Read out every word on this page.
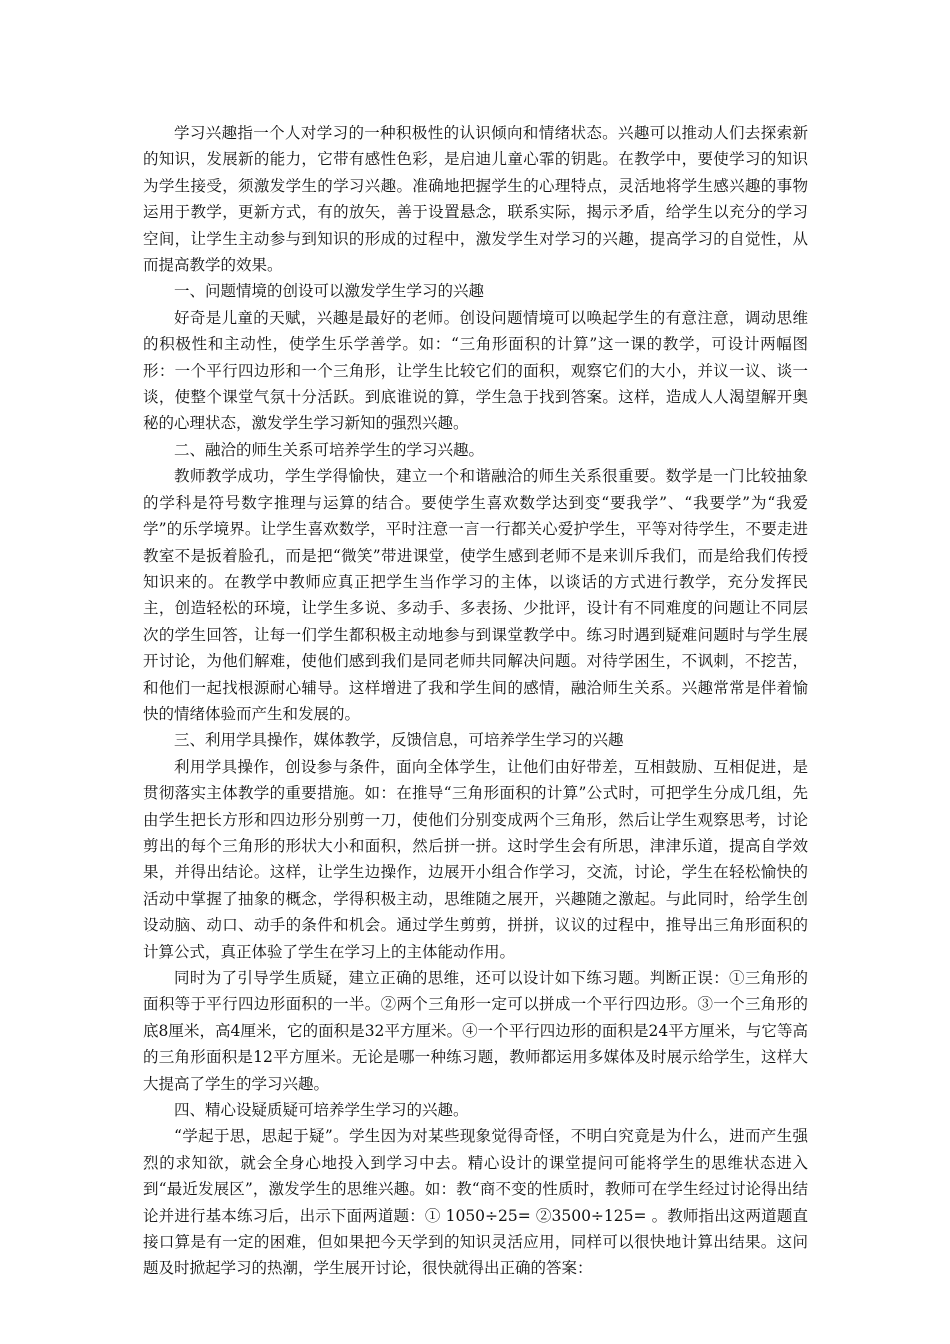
学习兴趣指一个人对学习的一种积极性的认识倾向和情绪状态。兴趣可以推动人们去探索新的知识，发展新的能力，它带有感性色彩，是启迪儿童心霏的钥匙。在教学中，要使学习的知识为学生接受，须激发学生的学习兴趣。准确地把握学生的心理特点，灵活地将学生感兴趣的事物运用于教学，更新方式，有的放矢，善于设置悬念，联系实际，揭示矛盾，给学生以充分的学习空间，让学生主动参与到知识的形成的过程中，激发学生对学习的兴趣，提高学习的自觉性，从而提高教学的效果。

一、问题情境的创设可以激发学生学习的兴趣

好奇是儿童的天赋，兴趣是最好的老师。创设问题情境可以唤起学生的有意注意，调动思维的积极性和主动性，使学生乐学善学。如：“三角形面积的计算”这一课的教学，可设计两幅图形：一个平行四边形和一个三角形，让学生比较它们的面积，观察它们的大小，并议一议、谈一谈，使整个课堂气氛十分活跃。到底谁说的算，学生急于找到答案。这样，造成人人渴望解开奥秘的心理状态，激发学生学习新知的强烈兴趣。

二、融洽的师生关系可培养学生的学习兴趣。

教师教学成功，学生学得愉快，建立一个和谐融洽的师生关系很重要。数学是一门比较抽象的学科是符号数字推理与运算的结合。要使学生喜欢数学达到变“要我学”、“我要学”为“我爱学”的乐学境界。让学生喜欢数学，平时注意一言一行都关心爱护学生，平等对待学生，不要走进教室不是扳着脸孔，而是把“微笑”带进课堂，使学生感到老师不是来训斥我们，而是给我们传授知识来的。在教学中教师应真正把学生当作学习的主体，以谈话的方式进行教学，充分发挥民主，创造轻松的环境，让学生多说、多动手、多表扬、少批评，设计有不同难度的问题让不同层次的学生回答，让每一们学生都积极主动地参与到课堂教学中。练习时遇到疑难问题时与学生展开讨论，为他们解难，使他们感到我们是同老师共同解决问题。对待学困生，不讽刺，不挖苦，和他们一起找根源耐心辅导。这样增进了我和学生间的感情，融洽师生关系。兴趣常常是伴着愉快的情绪体验而产生和发展的。

三、利用学具操作，媒体教学，反馈信息，可培养学生学习的兴趣

利用学具操作，创设参与条件，面向全体学生，让他们由好带差，互相鼓励、互相促进，是贯彻落实主体教学的重要措施。如：在推导“三角形面积的计算”公式时，可把学生分成几组，先由学生把长方形和四边形分别剪一刀，使他们分别变成两个三角形，然后让学生观察思考，讨论剪出的每个三角形的形状大小和面积，然后拼一拼。这时学生会有所思，津津乐道，提高自学效果，并得出结论。这样，让学生边操作，边展开小组合作学习，交流，讨论，学生在轻松愉快的活动中掌握了抽象的概念，学得积极主动，思维随之展开，兴趣随之激起。与此同时，给学生创设动脑、动口、动手的条件和机会。通过学生剪剪，拼拼，议议的过程中，推导出三角形面积的计算公式，真正体验了学生在学习上的主体能动作用。

同时为了引导学生质疑，建立正确的思维，还可以设计如下练习题。判断正误：①三角形的面积等于平行四边形面积的一半。②两个三角形一定可以拼成一个平行四边形。③一个三角形的底8厘米，高4厘米，它的面积是32平方厘米。④一个平行四边形的面积是24平方厘米，与它等高的三角形面积是12平方厘米。无论是哪一种练习题，教师都运用多媒体及时展示给学生，这样大大提高了学生的学习兴趣。

四、精心设疑质疑可培养学生学习的兴趣。

“学起于思，思起于疑”。学生因为对某些现象觉得奇怪，不明白究竟是为什么，进而产生强烈的求知欲，就会全身心地投入到学习中去。精心设计的课堂提问可能将学生的思维状态进入到“最近发展区”，激发学生的思维兴趣。如：教“商不变的性质时，教师可在学生经过讨论得出结论并进行基本练习后，出示下面两道题：① 1050÷25= ②3500÷125= 。教师指出这两道题直接口算是有一定的困难，但如果把今天学到的知识灵活应用，同样可以很快地计算出结果。这问题及时掀起学习的热潮，学生展开讨论，很快就得出正确的答案：
